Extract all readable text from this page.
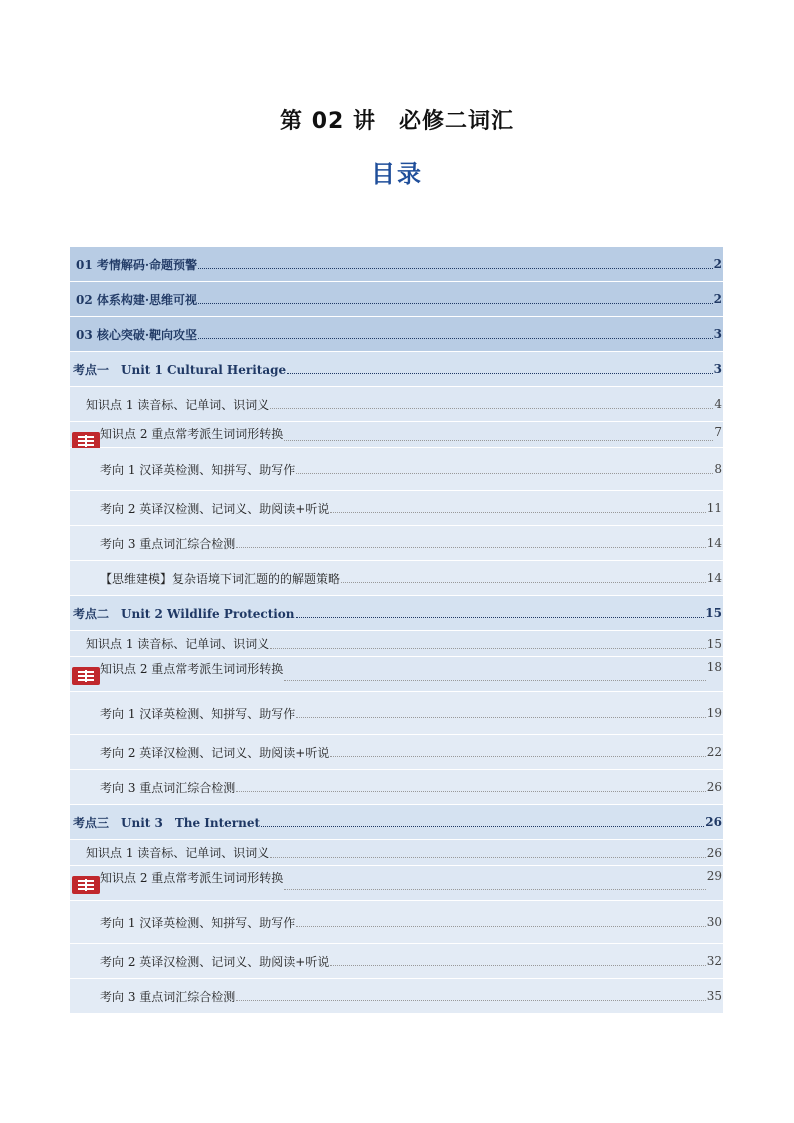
第 02 讲　必修二词汇
目录
01 考情解码·命题预警	2
02 体系构建·思维可视	2
03 核心突破·靶向攻坚	3
考点一　Unit 1 Cultural Heritage	3
知识点 1 读音标、记单词、识词义	4
知识点 2 重点常考派生词词形转换	7
考向 1 汉译英检测、知拼写、助写作	8
考向 2 英译汉检测、记词义、助阅读+听说	11
考向 3 重点词汇综合检测	14
【思维建模】复杂语境下词汇题的的解题策略	14
考点二　Unit 2 Wildlife Protection	15
知识点 1 读音标、记单词、识词义	15
知识点 2 重点常考派生词词形转换	18
考向 1 汉译英检测、知拼写、助写作	19
考向 2 英译汉检测、记词义、助阅读+听说	22
考向 3 重点词汇综合检测	26
考点三　Unit 3　The Internet	26
知识点 1 读音标、记单词、识词义	26
知识点 2 重点常考派生词词形转换	29
考向 1 汉译英检测、知拼写、助写作	30
考向 2 英译汉检测、记词义、助阅读+听说	32
考向 3 重点词汇综合检测	35
